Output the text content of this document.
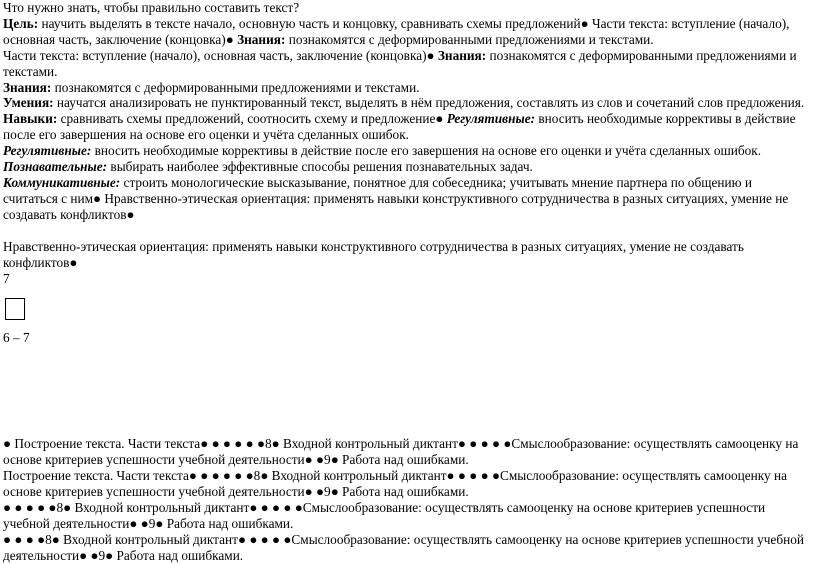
Что нужно знать, чтобы правильно составить текст?

Цель: научить выделять в тексте начало, основную часть и концовку, сравнивать схемы предложений● Части текста: вступление (начало), основная часть, заключение (концовка)● Знания: познакомятся с деформированными предложениями и текстами.

Части текста: вступление (начало), основная часть, заключение (концовка)● Знания: познакомятся с деформированными предложениями и текстами.

Знания: познакомятся с деформированными предложениями и текстами.

Умения: научатся анализировать не пунктированный текст, выделять в нём предложения, составлять из слов и сочетаний слов предложения.

Навыки: сравнивать схемы предложений, соотносить схему и предложение● Регулятивные: вносить необходимые коррективы в действие после его завершения на основе его оценки и учёта сделанных ошибок.

Регулятивные: вносить необходимые коррективы в действие после его завершения на основе его оценки и учёта сделанных ошибок.

Познавательные: выбирать наиболее эффективные способы решения познавательных задач.

Коммуникативные: строить монологические высказывание, понятное для собеседника; учитывать мнение партнера по общению и считаться с ним● Нравственно-этическая ориентация: применять навыки конструктивного сотрудничества в разных ситуациях, умение не создавать конфликтов●

Нравственно-этическая ориентация: применять навыки конструктивного сотрудничества в разных ситуациях, умение не создавать конфликтов●

7

6 – 7

● Построение текста. Части текста● ● ● ● ● ●8● Входной контрольный диктант● ● ● ● ●Смыслообразование: осуществлять самооценку на основе критериев успешности учебной деятельности● ●9● Работа над ошибками.

Построение текста. Части текста● ● ● ● ● ●8● Входной контрольный диктант● ● ● ● ●Смыслообразование: осуществлять самооценку на основе критериев успешности учебной деятельности● ●9● Работа над ошибками.

● ● ● ● ●8● Входной контрольный диктант● ● ● ● ●Смыслообразование: осуществлять самооценку на основе критериев успешности учебной деятельности● ●9● Работа над ошибками.

● ● ● ●8● Входной контрольный диктант● ● ● ● ●Смыслообразование: осуществлять самооценку на основе критериев успешности учебной деятельности● ●9● Работа над ошибками.
